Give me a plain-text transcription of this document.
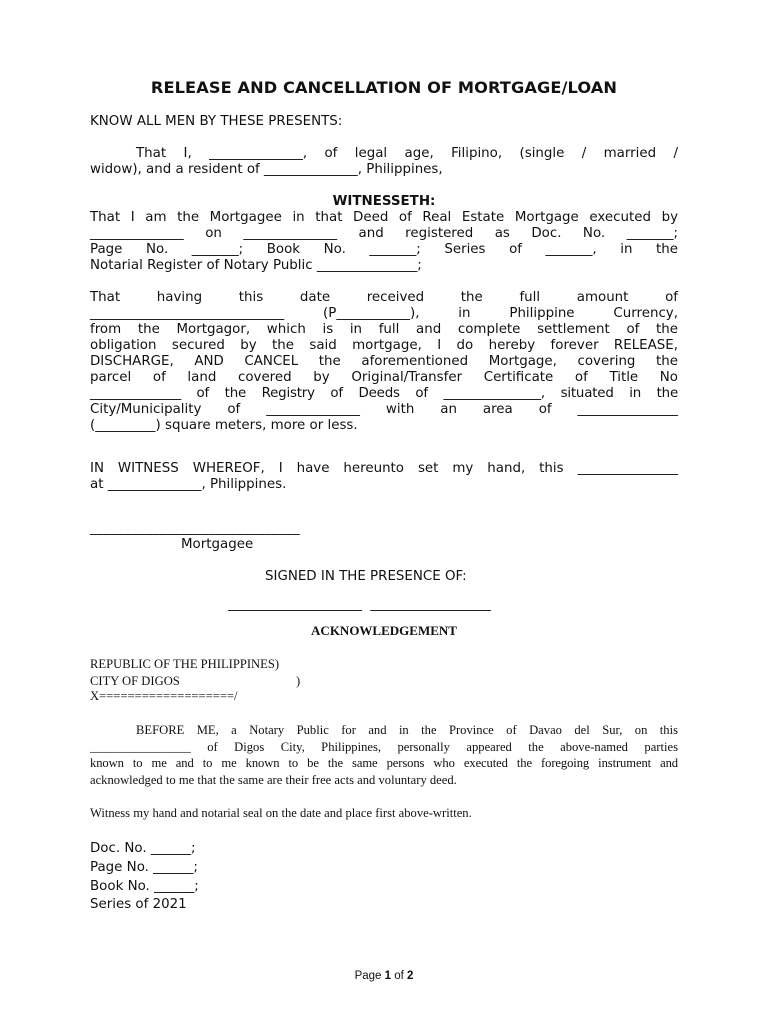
RELEASE AND CANCELLATION OF MORTGAGE/LOAN
KNOW ALL MEN BY THESE PRESENTS:
That I, ______________, of legal age, Filipino, (single / married /
widow), and a resident of ______________, Philippines,
WITNESSETH:
That I am the Mortgagee in that Deed of Real Estate Mortgage executed by
______________ on ______________ and registered as Doc. No. _______;
Page No. _______; Book No. _______; Series of _______, in the
Notarial Register of Notary Public _______________;
That having this date received the full amount of
_____________________________ (P___________), in Philippine Currency,
from the Mortgagor, which is in full and complete settlement of the
obligation secured by the said mortgage, I do hereby forever RELEASE,
DISCHARGE, AND CANCEL the aforementioned Mortgage, covering the
parcel of land covered by Original/Transfer Certificate of Title No
______________ of the Registry of Deeds of _______________, situated in the
City/Municipality of ______________ with an area of _______________
(_________) square meters, more or less.
IN WITNESS WHEREOF, I have hereunto set my hand, this _______________
at ______________, Philippines.
______________________________
Mortgagee
SIGNED IN THE PRESENCE OF:
____________________  __________________
ACKNOWLEDGEMENT
REPUBLIC OF THE PHILIPPINES)
CITY OF DIGOS	)
X===================/
BEFORE ME, a Notary Public for and in the Province of Davao del Sur, on this
________________ of Digos City, Philippines, personally appeared the above-named parties
known to me and to me known to be the same persons who executed the foregoing instrument and
acknowledged to me that the same are their free acts and voluntary deed.
Witness my hand and notarial seal on the date and place first above-written.
Doc. No. ______;
Page No. ______;
Book No. ______;
Series of 2021
Page 1 of 2
